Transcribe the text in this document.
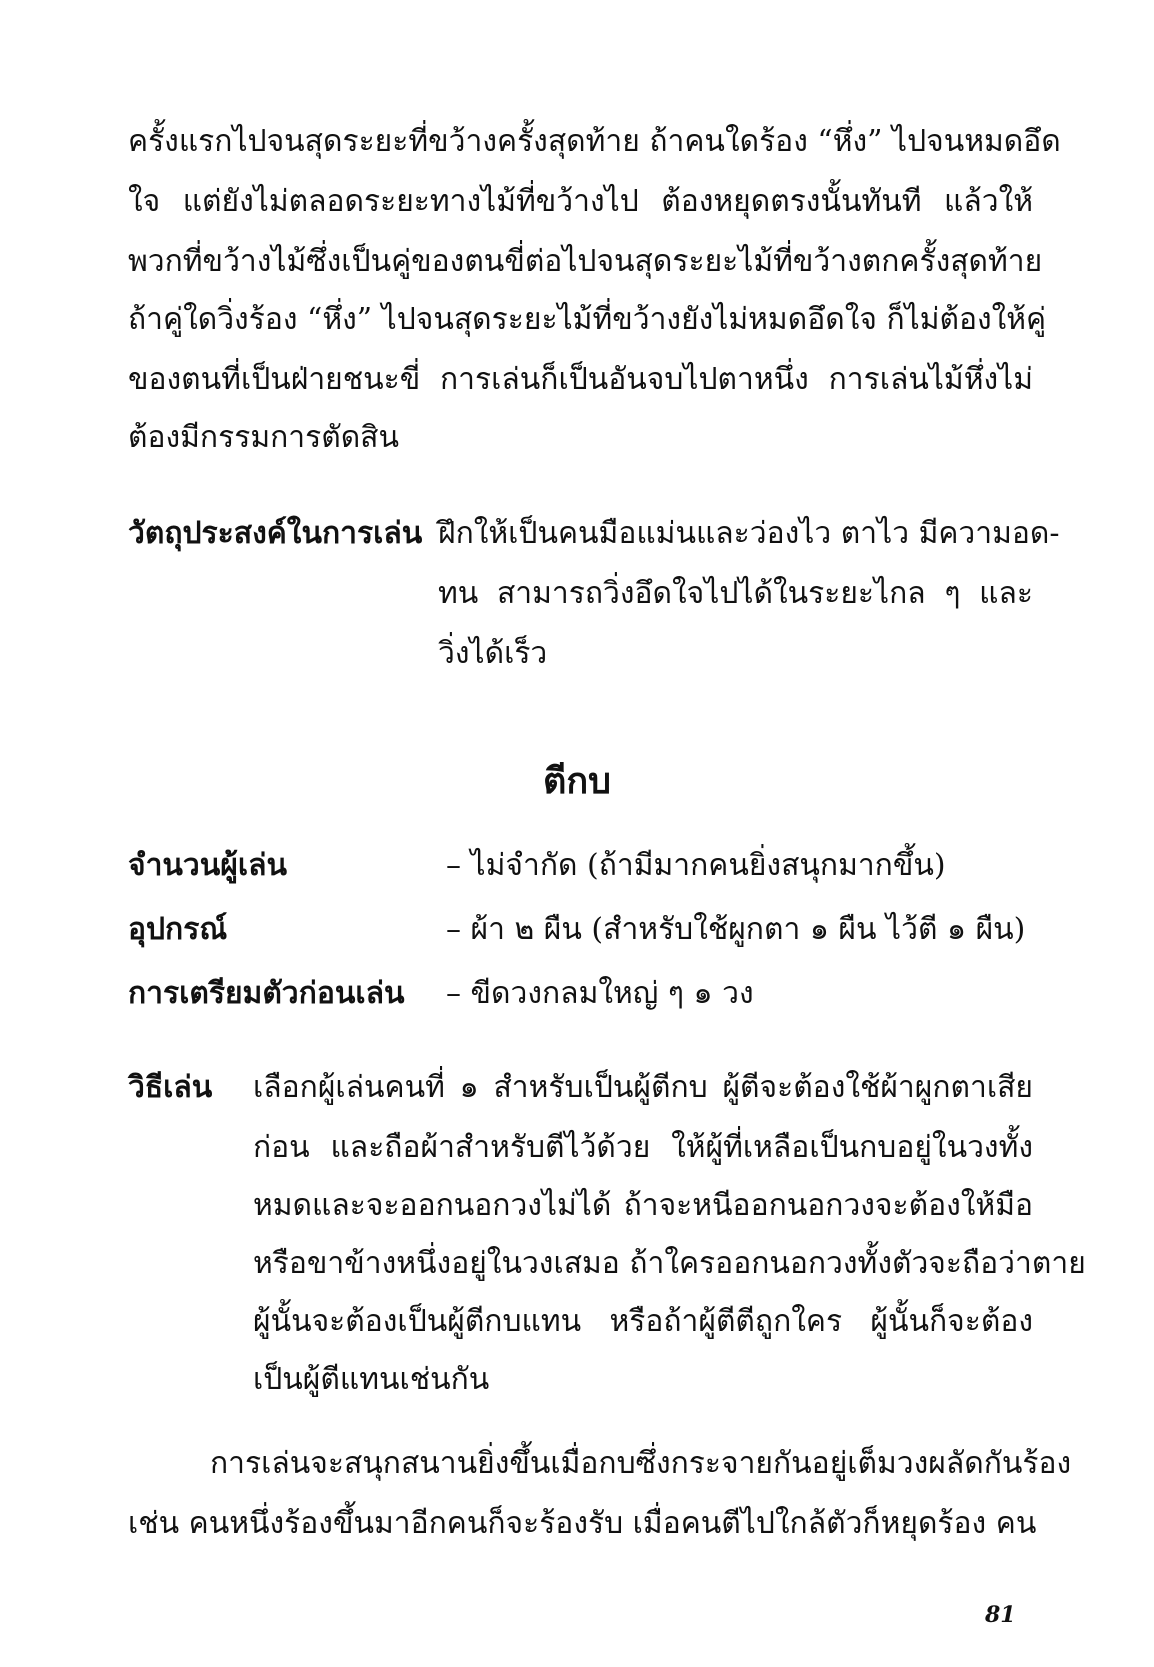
ครั้งแรกไปจนสุดระยะที่ขว้างครั้งสุดท้าย ถ้าคนใดร้อง “หึ่ง” ไปจนหมดอึด
ใจ แต่ยังไม่ตลอดระยะทางไม้ที่ขว้างไป ต้องหยุดตรงนั้นทันที แล้วให้
พวกที่ขว้างไม้ซึ่งเป็นคู่ของตนขี่ต่อไปจนสุดระยะไม้ที่ขว้างตกครั้งสุดท้าย
ถ้าคู่ใดวิ่งร้อง “หึ่ง” ไปจนสุดระยะไม้ที่ขว้างยังไม่หมดอึดใจ ก็ไม่ต้องให้คู่
ของตนที่เป็นฝ่ายชนะขี่ การเล่นก็เป็นอันจบไปตาหนึ่ง การเล่นไม้หึ่งไม่
ต้องมีกรรมการตัดสิน
วัตถุประสงค์ในการเล่น ฝึกให้เป็นคนมือแม่นและว่องไว ตาไว มีความอด-
ทน สามารถวิ่งอึดใจไปได้ในระยะไกล ๆ และ
วิ่งได้เร็ว
ตีกบ
จำนวนผู้เล่น	– ไม่จำกัด (ถ้ามีมากคนยิ่งสนุกมากขึ้น)
อุปกรณ์	– ผ้า ๒ ผืน (สำหรับใช้ผูกตา ๑ ผืน ไว้ตี ๑ ผืน)
การเตรียมตัวก่อนเล่น – ขีดวงกลมใหญ่ ๆ ๑ วง
วิธีเล่น เลือกผู้เล่นคนที่ ๑ สำหรับเป็นผู้ตีกบ ผู้ตีจะต้องใช้ผ้าผูกตาเสีย
ก่อน และถือผ้าสำหรับตีไว้ด้วย ให้ผู้ที่เหลือเป็นกบอยู่ในวงทั้ง
หมดและจะออกนอกวงไม่ได้ ถ้าจะหนีออกนอกวงจะต้องให้มือ
หรือขาข้างหนึ่งอยู่ในวงเสมอ ถ้าใครออกนอกวงทั้งตัวจะถือว่าตาย
ผู้นั้นจะต้องเป็นผู้ตีกบแทน หรือถ้าผู้ตีตีถูกใคร ผู้นั้นก็จะต้อง
เป็นผู้ตีแทนเช่นกัน
การเล่นจะสนุกสนานยิ่งขึ้นเมื่อกบซึ่งกระจายกันอยู่เต็มวงผลัดกันร้อง
เช่น คนหนึ่งร้องขึ้นมาอีกคนก็จะร้องรับ เมื่อคนตีไปใกล้ตัวก็หยุดร้อง คน
81
